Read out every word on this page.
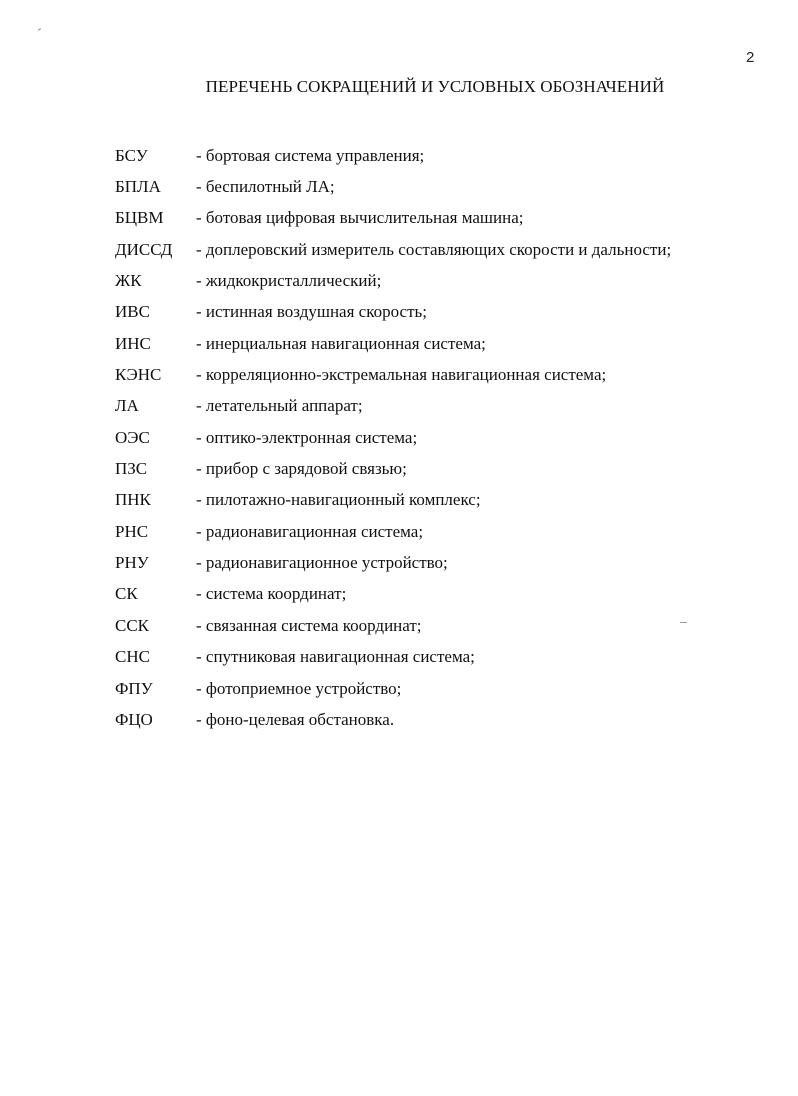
2
ПЕРЕЧЕНЬ СОКРАЩЕНИЙ И УСЛОВНЫХ ОБОЗНАЧЕНИЙ
БСУ	- бортовая система управления;
БПЛА	- беспилотный ЛА;
БЦВМ	- ботовая цифровая вычислительная машина;
ДИССД	- доплеровский измеритель составляющих скорости и дальности;
ЖК	- жидкокристаллический;
ИВС	- истинная воздушная скорость;
ИНС	- инерциальная навигационная система;
КЭНС	- корреляционно-экстремальная навигационная система;
ЛА	- летательный аппарат;
ОЭС	- оптико-электронная система;
ПЗС	- прибор с зарядовой связью;
ПНК	- пилотажно-навигационный комплекс;
РНС	- радионавигационная система;
РНУ	- радионавигационное устройство;
СК	- система координат;
ССК	- связанная система координат;
СНС	- спутниковая навигационная система;
ФПУ	- фотоприемное устройство;
ФЦО	- фоно-целевая обстановка.
